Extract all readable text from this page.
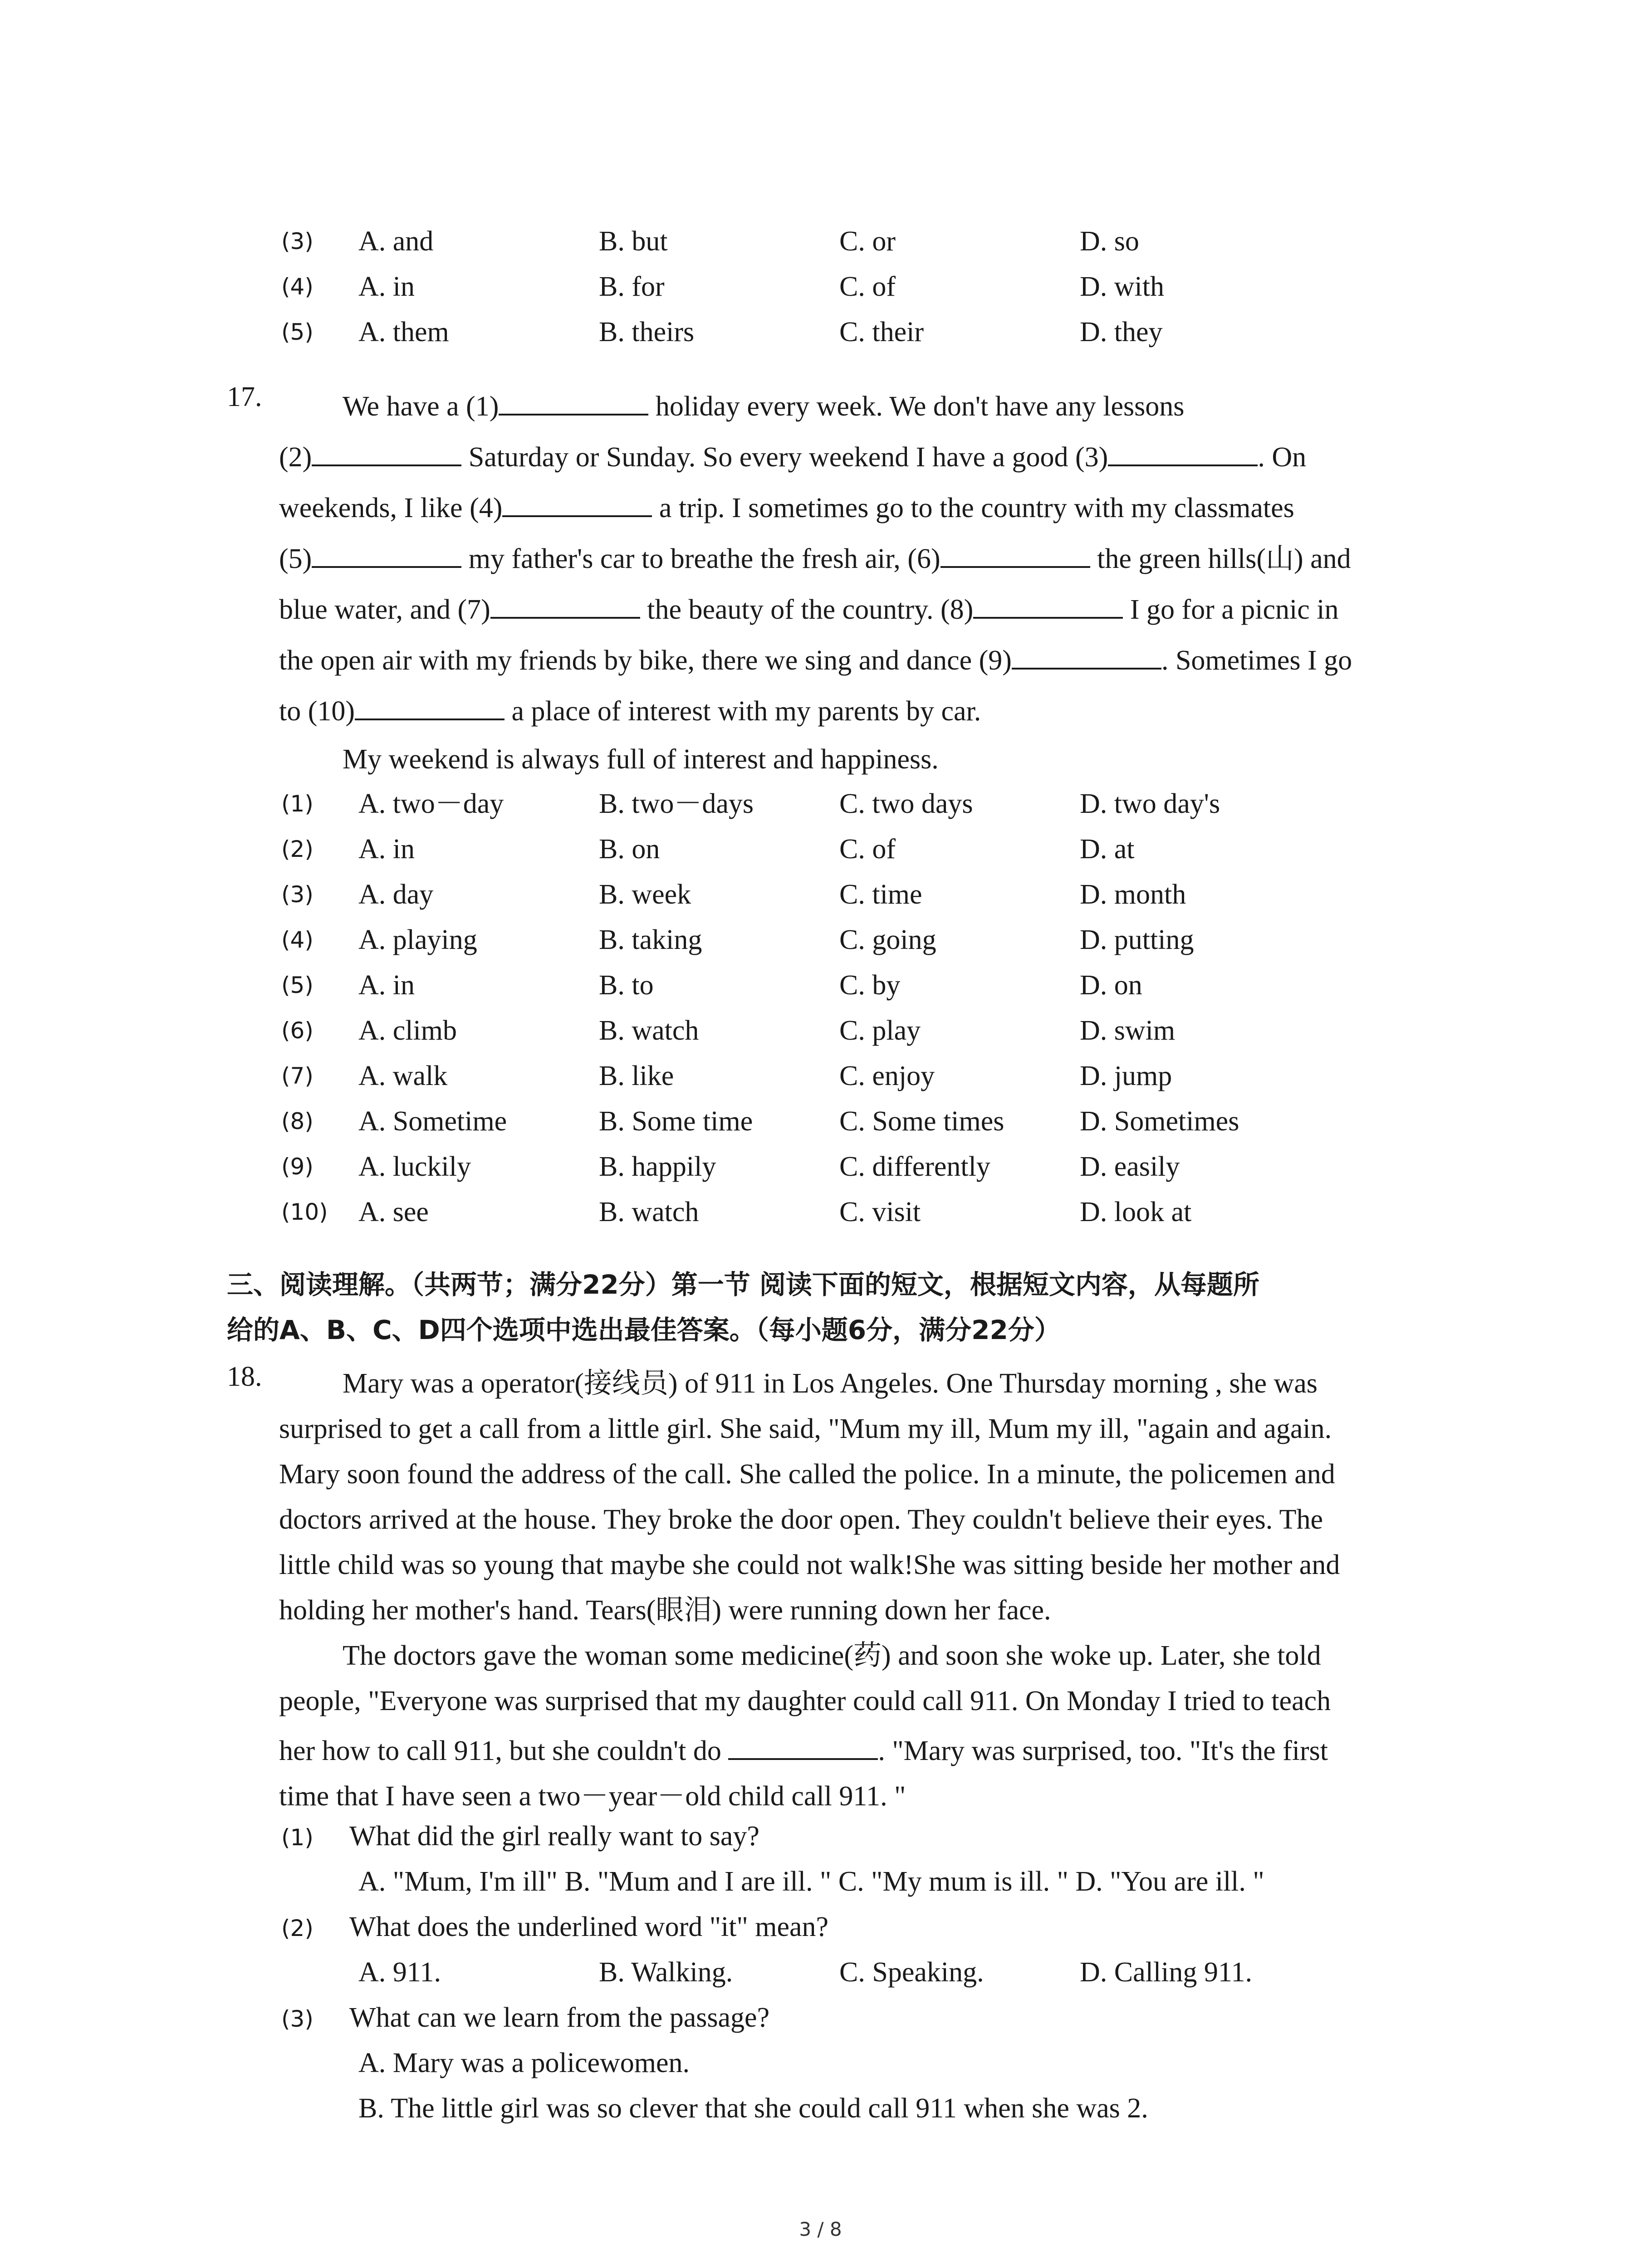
(3) A. and	B. but	C. or	D. so
(4) A. in	B. for	C. of	D. with
(5) A. them	B. theirs	C. their	D. they
17.	We have a (1)	holiday every week. We don't have any lessons
(2)	Saturday or Sunday. So every weekend I have a good (3)	. On
weekends, I like (4)	a trip. I sometimes go to the country with my classmates
(5)	my father's car to breathe the fresh air, (6)	the green hills(山) and
blue water, and (7)	the beauty of the country. (8)	I go for a picnic in
the open air with my friends by bike, there we sing and dance (9)	. Sometimes I go
to (10)	a place of interest with my parents by car.
My weekend is always full of interest and happiness.
(1) A. two－day	B. two－days	C. two days	D. two day's
(2) A. in	B. on	C. of	D. at
(3) A. day	B. week	C. time	D. month
(4) A. playing	B. taking	C. going	D. putting
(5) A. in	B. to	C. by	D. on
(6) A. climb	B. watch	C. play	D. swim
(7) A. walk	B. like	C. enjoy	D. jump
(8) A. Sometime	B. Some time	C. Some times	D. Sometimes
(9) A. luckily	B. happily	C. differently	D. easily
(10) A. see	B. watch	C. visit	D. look at
三、阅读理解。（共两节；满分22分）第一节 阅读下面的短文，根据短文内容，从每题所
给的A、B、C、D四个选项中选出最佳答案。（每小题6分，满分22分）
18.	Mary was a operator(接线员) of 911 in Los Angeles. One Thursday morning , she was
surprised to get a call from a little girl. She said, "Mum my ill, Mum my ill, "again and again.
Mary soon found the address of the call. She called the police. In a minute, the policemen and
doctors arrived at the house. They broke the door open. They couldn't believe their eyes. The
little child was so young that maybe she could not walk!She was sitting beside her mother and
holding her mother's hand. Tears(眼泪) were running down her face.
The doctors gave the woman some medicine(药) and soon she woke up. Later, she told
people, "Everyone was surprised that my daughter could call 911. On Monday I tried to teach
her how to call 911, but she couldn't do	. "Mary was surprised, too. "It's the first
time that I have seen a two－year－old child call 911. "
(1) What did the girl really want to say?
A. "Mum, I'm ill" B. "Mum and I are ill. " C. "My mum is ill. " D. "You are ill. "
(2) What does the underlined word "it" mean?
A. 911.	B. Walking.	C. Speaking.	D. Calling 911.
(3) What can we learn from the passage?
A. Mary was a policewomen.
B. The little girl was so clever that she could call 911 when she was 2.
3 / 8
